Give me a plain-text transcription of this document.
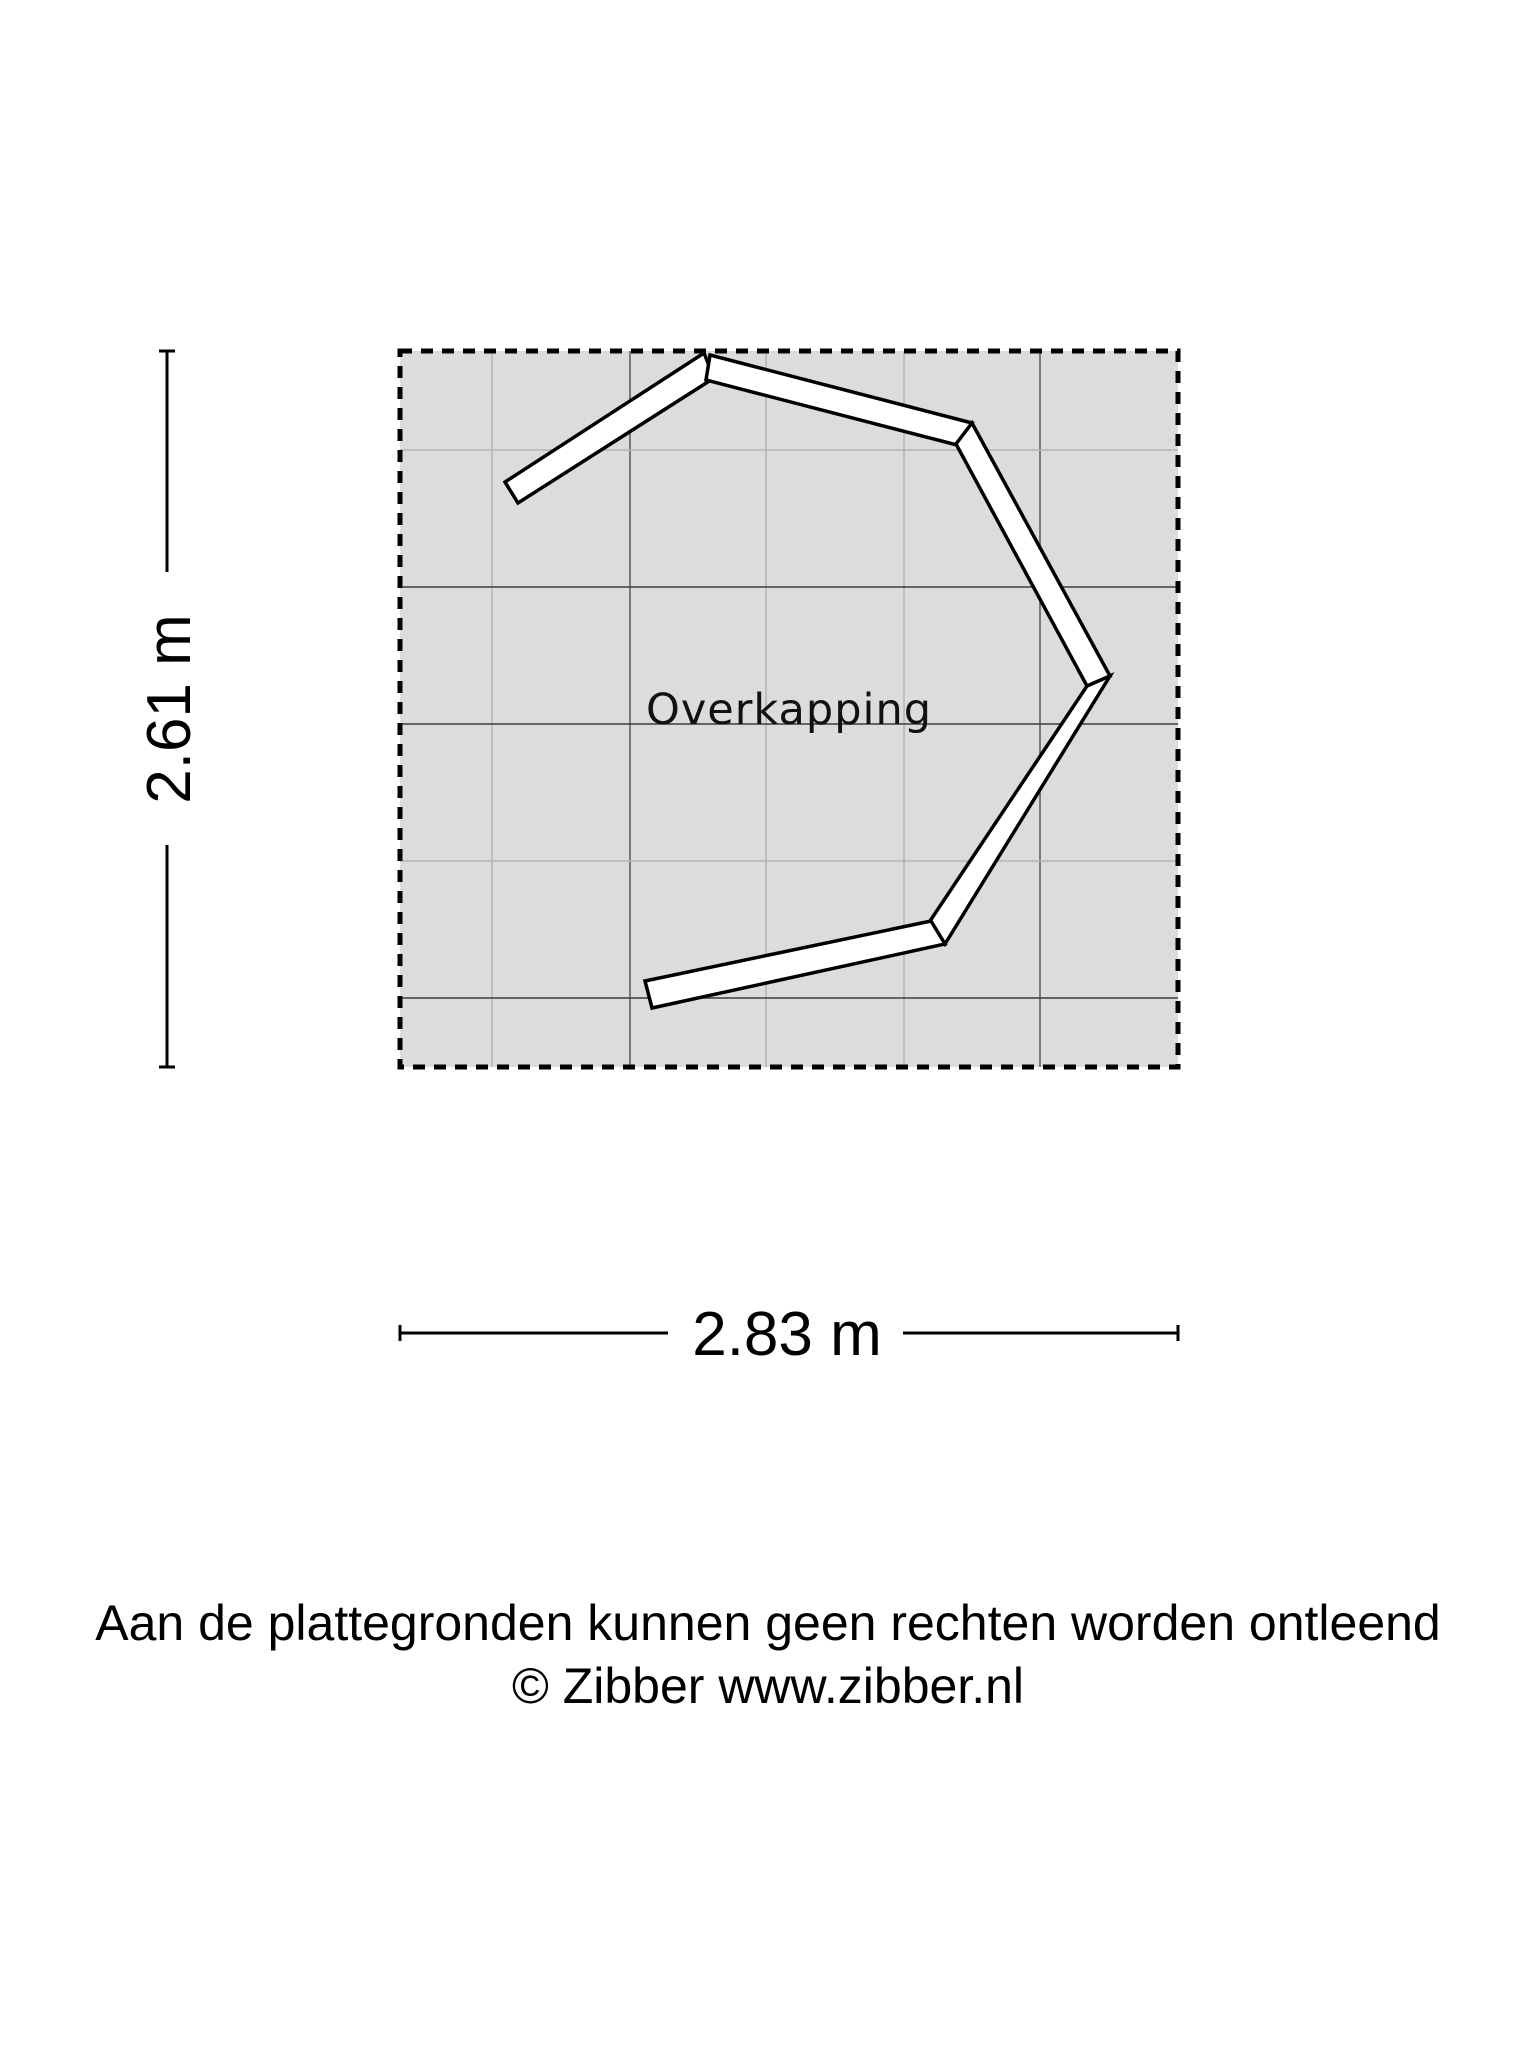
Overkapping
2.61 m
2.83 m
Aan de plattegronden kunnen geen rechten worden ontleend
© Zibber www.zibber.nl
